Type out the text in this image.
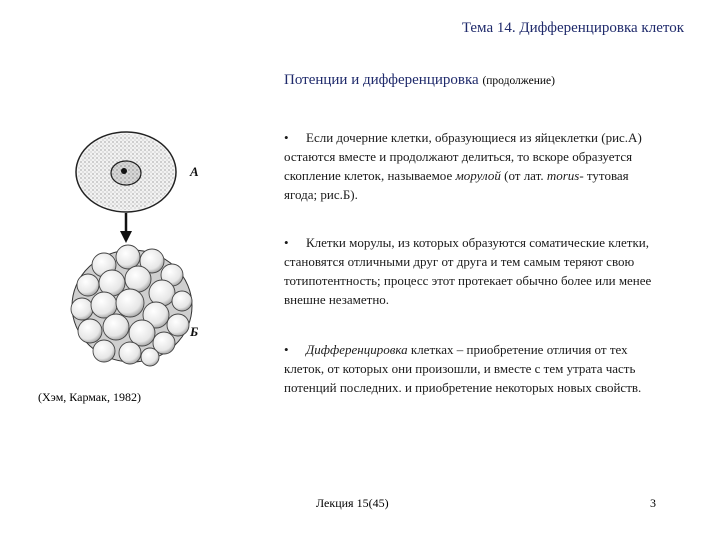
Тема 14. Дифференцировка клеток
Потенции и дифференцировка (продолжение)
• Если дочерние клетки, образующиеся из яйцеклетки (рис.А) остаются вместе и продолжают делиться, то вскоре образуется скопление клеток, называемое морулой (от лат. morus- тутовая ягода; рис.Б).
• Клетки морулы, из которых образуются соматические клетки, становятся отличными друг от друга и тем самым теряют свою тотипотентность; процесс этот протекает обычно более или менее внешне незаметно.
• Дифференцировка клетках – приобретение отличия от тех клеток, от которых они произошли, и вместе с тем утрата часть потенций последних. и приобретение некоторых новых свойств.
А
Б
(Хэм, Кармак, 1982)
Лекция 15(45)	3
